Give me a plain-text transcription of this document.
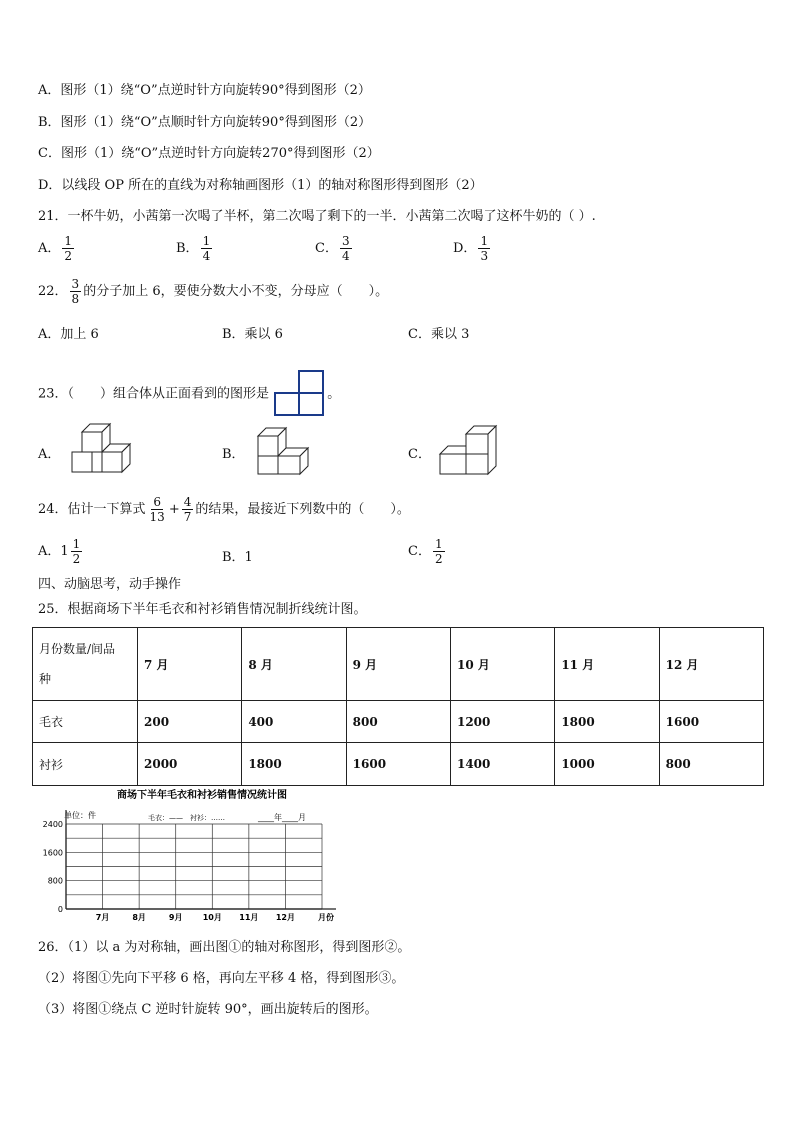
A．图形（1）绕“O”点逆时针方向旋转90°得到图形（2）
B．图形（1）绕“O”点顺时针方向旋转90°得到图形（2）
C．图形（1）绕“O”点逆时针方向旋转270°得到图形（2）
D．以线段 OP 所在的直线为对称轴画图形（1）的轴对称图形得到图形（2）
21．一杯牛奶，小茜第一次喝了半杯，第二次喝了剩下的一半．小茜第二次喝了这杯牛奶的（ ）.
A． $\frac{1}{2}$	B． $\frac{1}{4}$	C． $\frac{3}{4}$	D． $\frac{1}{3}$
22． $\frac{3}{8}$ 的分子加上 6，要使分数大小不变，分母应（　　）。
A．加上 6	B．乘以 6	C．乘以 3
23．（　　）组合体从正面看到的图形是	。
A．	B．	C．
24．估计一下算式 $\frac{6}{13} + \frac{4}{7}$ 的结果，最接近下列数中的（　　）。
A． $1 \frac{1}{2}$	B．1	C． $\frac{1}{2}$
四、动脑思考，动手操作
25．根据商场下半年毛衣和衬衫销售情况制折线统计图。
月份数量/间品
种	7 月	8 月	9 月	10 月	11 月	12 月
毛衣	200	400	800	1200	1800	1600
衬衫	2000	1800	1600	1400	1000	800
商场下半年毛衣和衬衫销售情况统计图
单位：件	毛衣：——　衬衫：……	____年____月
2400
1600
800
0
7月	8月	9月	10月 11月 12月	月份
26．（1）以 a 为对称轴，画出图①的轴对称图形，得到图形②。
（2）将图①先向下平移 6 格，再向左平移 4 格，得到图形③。
（3）将图①绕点 C 逆时针旋转 90°，画出旋转后的图形。
